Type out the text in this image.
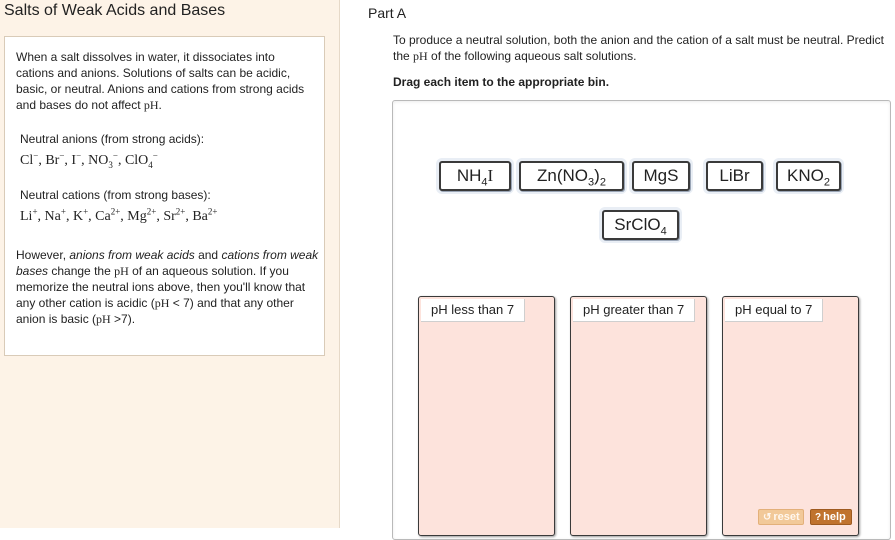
Salts of Weak Acids and Bases

When a salt dissolves in water, it dissociates into cations and anions. Solutions of salts can be acidic, basic, or neutral. Anions and cations from strong acids and bases do not affect pH.

Neutral anions (from strong acids):

Cl−, Br−, I−, $NO_3^-$, ClO$_4$−

Neutral cations (from strong bases):

Li+, Na+, K+, $Ca^{2+}$, $Mg^{2+}$, $Sr^{2+}$, $Ba^{2+}$

However, anions from weak acids and cations from weak bases change the pH of an aqueous solution. If you memorize the neutral ions above, then you'll know that any other cation is acidic (pH < 7) and that any other anion is basic (pH >7).

Part A
To produce a neutral solution, both the anion and the cation of a salt must be neutral. Predict the pH of the following aqueous salt solutions.
Drag each item to the appropriate bin.
$NH_4I$	$Zn(NO_3)_2$	MgS	LiBr	$KNO_2$
SrClO$_4$
pH less than 7	pH greater than 7	pH equal to 7
↺ reset	? help
